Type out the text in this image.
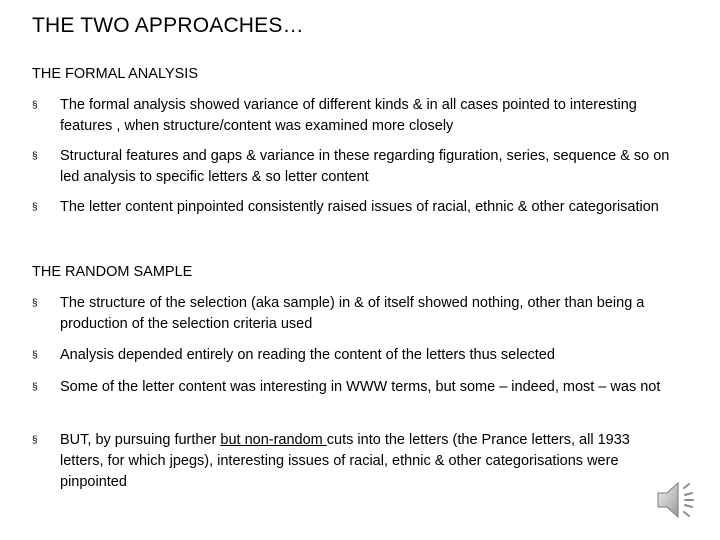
THE TWO APPROACHES…
THE FORMAL ANALYSIS
§ The formal analysis showed variance of different kinds & in all cases pointed to interesting features , when structure/content was examined more closely
§ Structural features and gaps & variance in these regarding figuration, series, sequence & so on led analysis to specific letters & so letter content
§ The letter content pinpointed consistently raised issues of racial, ethnic & other categorisation
THE RANDOM SAMPLE
§ The structure of the selection (aka sample) in & of itself showed nothing, other than being a production of the selection criteria used
§ Analysis depended entirely on reading the content of the letters thus selected
§ Some of the letter content was interesting in WWW terms, but some – indeed, most – was not
§ BUT, by pursuing further but non-random cuts into the letters (the Prance letters, all 1933 letters, for which jpegs), interesting issues of racial, ethnic & other categorisations were pinpointed
